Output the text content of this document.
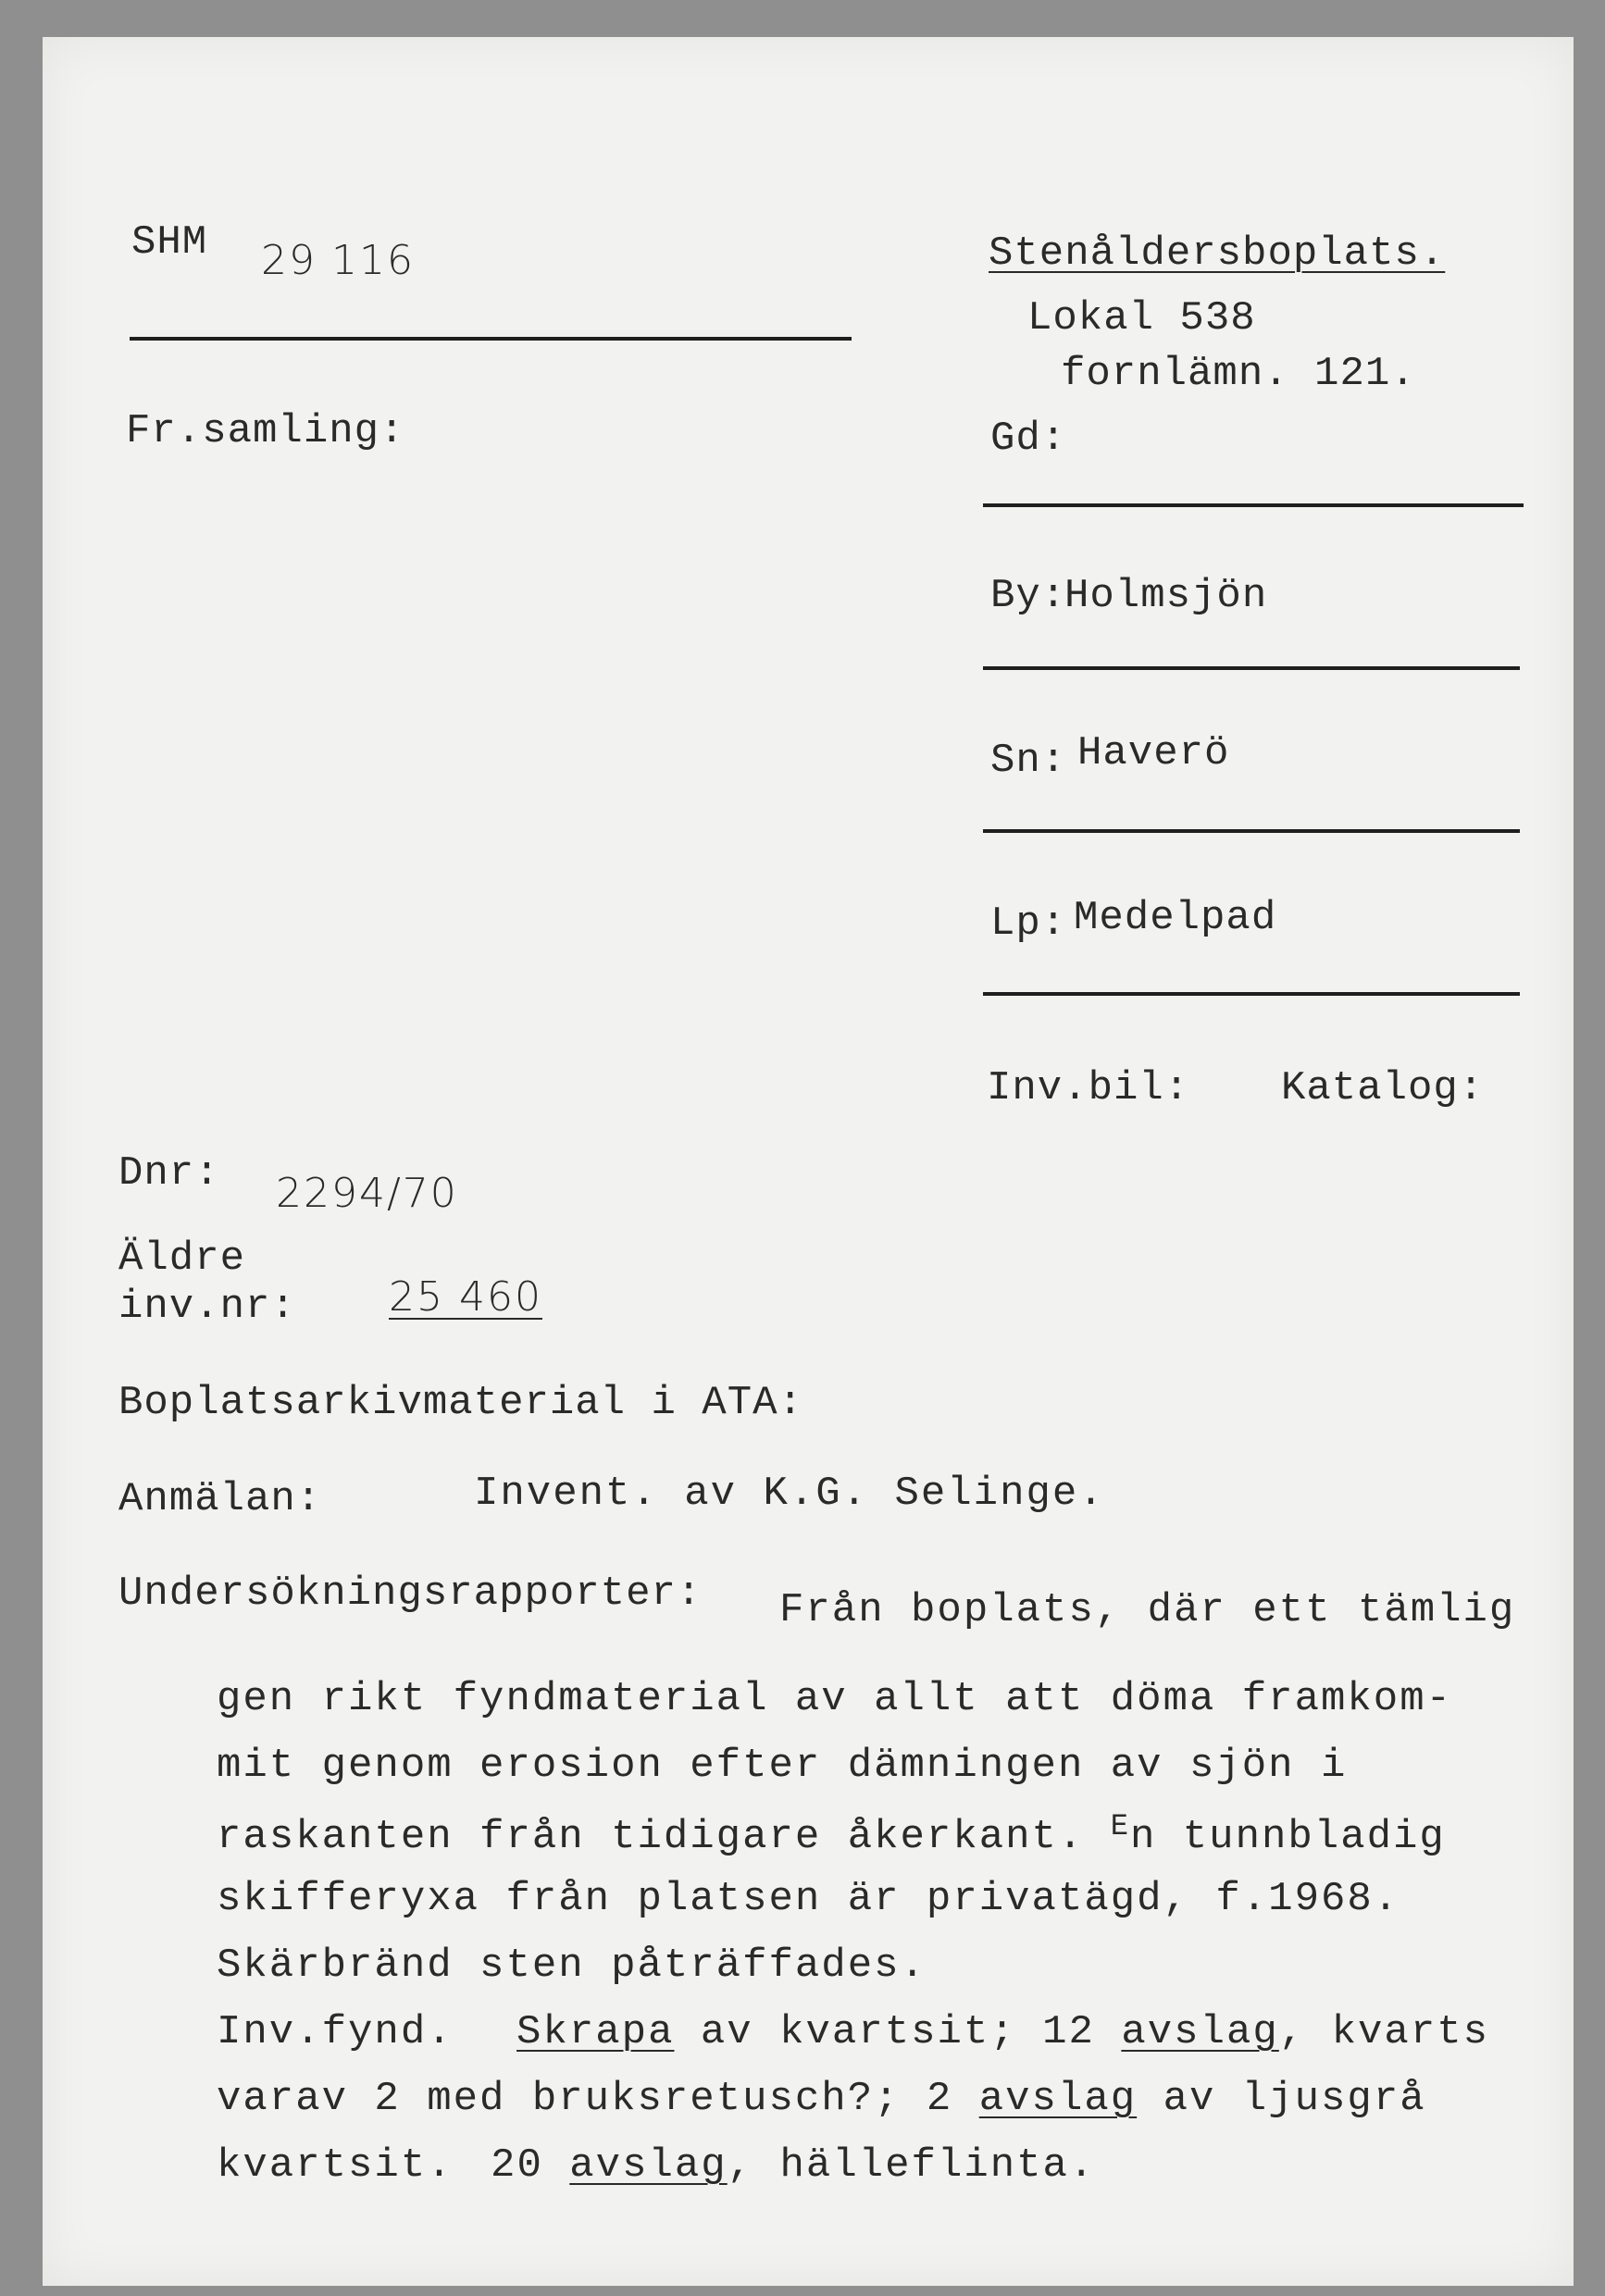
SHM 29 116
Fr.samling:
Stenåldersboplats.
Lokal 538
fornlämn. 121.
Gd:
By:
Holmsjön
Sn: Haverö
Lp: Medelpad
Inv.bil: Katalog:
Dnr: 2294/70
Äldre
inv.nr: 25 460
Boplatsarkivmaterial i ATA:
Anmälan:	Invent. av K.G. Selinge.
Undersökningsrapporter: Från boplats, där ett tämlig
gen rikt fyndmaterial av allt att döma framkom-
mit genom erosion efter dämningen av sjön i
raskanten från tidigare åkerkant. $^E$n tunnbladig
skifferyxa från platsen är privatägd, f.1968.
Skärbränd sten påträffades.
Inv.fynd. Skrapa av kvartsit; 12 avslag, kvarts
varav 2 med bruksretusch?; 2 avslag av ljusgrå
kvartsit. 20 avslag, hälleflinta.
